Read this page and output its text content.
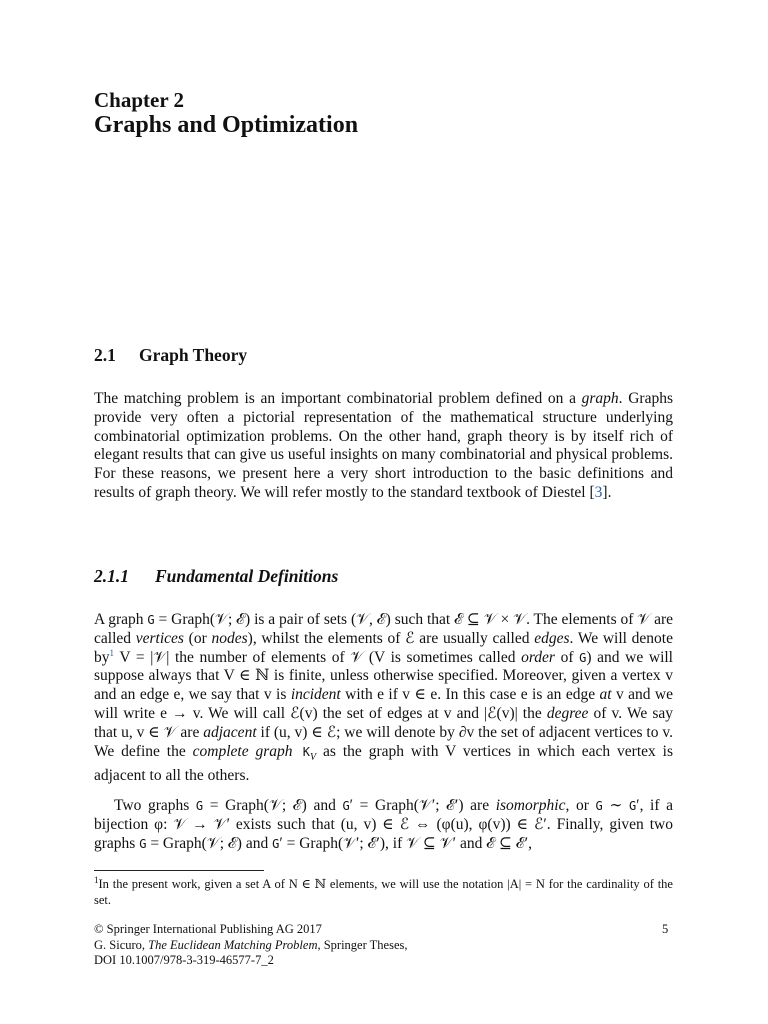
Chapter 2
Graphs and Optimization
2.1 Graph Theory

The matching problem is an important combinatorial problem defined on a graph. Graphs provide very often a pictorial representation of the mathematical structure underlying combinatorial optimization problems. On the other hand, graph theory is by itself rich of elegant results that can give us useful insights on many combinatorial and physical problems. For these reasons, we present here a very short introduction to the basic definitions and results of graph theory. We will refer mostly to the standard textbook of Diestel [3].

2.1.1 Fundamental Definitions

A graph G = Graph(𝒱; ℰ) is a pair of sets (𝒱, ℰ) such that ℰ ⊆ 𝒱 × 𝒱. The elements of 𝒱 are called vertices (or nodes), whilst the elements of ℰ are usually called edges. We will denote $by^1$ V = |𝒱| the number of elements of 𝒱 (V is sometimes called order of G) and we will suppose always that V ∈ ℕ is finite, unless otherwise specified. Moreover, given a vertex v and an edge e, we say that v is incident with e if v ∈ e. In this case e is an edge at v and we will write e → v. We will call ℰ(v) the set of edges at v and |ℰ(v)| the degree of v. We say that u, v ∈ 𝒱 are adjacent if (u, v) ∈ ℰ; we will denote by ∂v the set of adjacent vertices to v. We define the complete graph $K_V$ as the graph with V vertices in which each vertex is adjacent to all the others.

Two graphs G = Graph(𝒱; ℰ) and G′ = Graph(𝒱′; ℰ′) are isomorphic, or G ∼ G′, if a bijection φ: 𝒱 → 𝒱′ exists such that (u, v) ∈ ℰ ⇔ (φ(u), φ(v)) ∈ ℰ′. Finally, given two graphs G = Graph(𝒱; ℰ) and G′ = Graph(𝒱′; ℰ′), if 𝒱 ⊆ 𝒱′ and ℰ ⊆ ℰ′,

$^1$In the present work, given a set A of N ∈ ℕ elements, we will use the notation |A| = N for the cardinality of the set.
© Springer International Publishing AG 2017
G. Sicuro, The Euclidean Matching Problem, Springer Theses,
DOI 10.1007/978-3-319-46577-7_2
5
